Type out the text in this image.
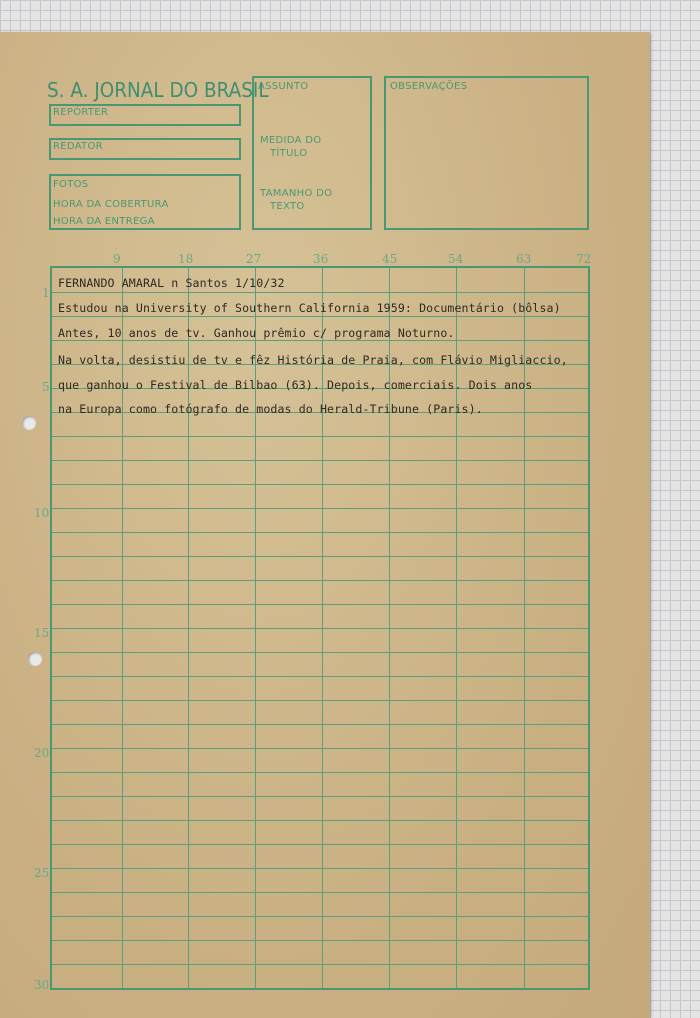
S. A. JORNAL DO BRASIL
REPÓRTER
REDATOR
FOTOS
HORA DA COBERTURA
HORA DA ENTREGA
ASSUNTO
MEDIDA DO
TÍTULO
TAMANHO DO
TEXTO
OBSERVAÇÕES
9	18	27	36	45	54	63	72
1
5
10
15
20
25
30
FERNANDO AMARAL n Santos 1/10/32
Estudou na University of Southern California 1959: Documentário (bôlsa)
Antes, 10 anos de tv. Ganhou prêmio c/ programa Noturno.
Na volta, desistiu de tv e fêz História de Praia, com Flávio Migliaccio,
que ganhou o Festival de Bilbao (63). Depois, comerciais. Dois anos
na Europa como fotógrafo de modas do Herald-Tribune (Paris).
